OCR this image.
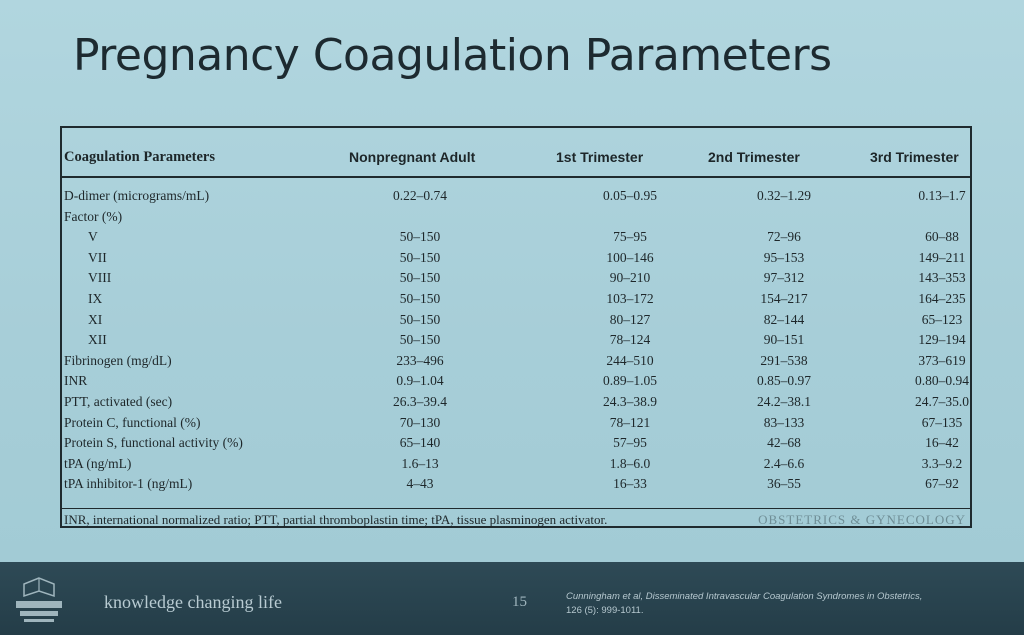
Pregnancy Coagulation Parameters
Coagulation Parameters	Nonpregnant Adult	1st Trimester	2nd Trimester	3rd Trimester
D-dimer (micrograms/mL)	0.22–0.74	0.05–0.95	0.32–1.29	0.13–1.7
Factor (%)
V	50–150	75–95	72–96	60–88
VII	50–150	100–146	95–153	149–211
VIII	50–150	90–210	97–312	143–353
IX	50–150	103–172	154–217	164–235
XI	50–150	80–127	82–144	65–123
XII	50–150	78–124	90–151	129–194
Fibrinogen (mg/dL)	233–496	244–510	291–538	373–619
INR	0.9–1.04	0.89–1.05	0.85–0.97	0.80–0.94
PTT, activated (sec)	26.3–39.4	24.3–38.9	24.2–38.1	24.7–35.0
Protein C, functional (%)	70–130	78–121	83–133	67–135
Protein S, functional activity (%)	65–140	57–95	42–68	16–42
tPA (ng/mL)	1.6–13	1.8–6.0	2.4–6.6	3.3–9.2
tPA inhibitor-1 (ng/mL)	4–43	16–33	36–55	67–92
INR, international normalized ratio; PTT, partial thromboplastin time; tPA, tissue plasminogen activator.	OBSTETRICS & GYNECOLOGY
knowledge changing life	15	Cunningham et al, Disseminated Intravascular Coagulation Syndromes in Obstetrics,
126 (5): 999-1011.
